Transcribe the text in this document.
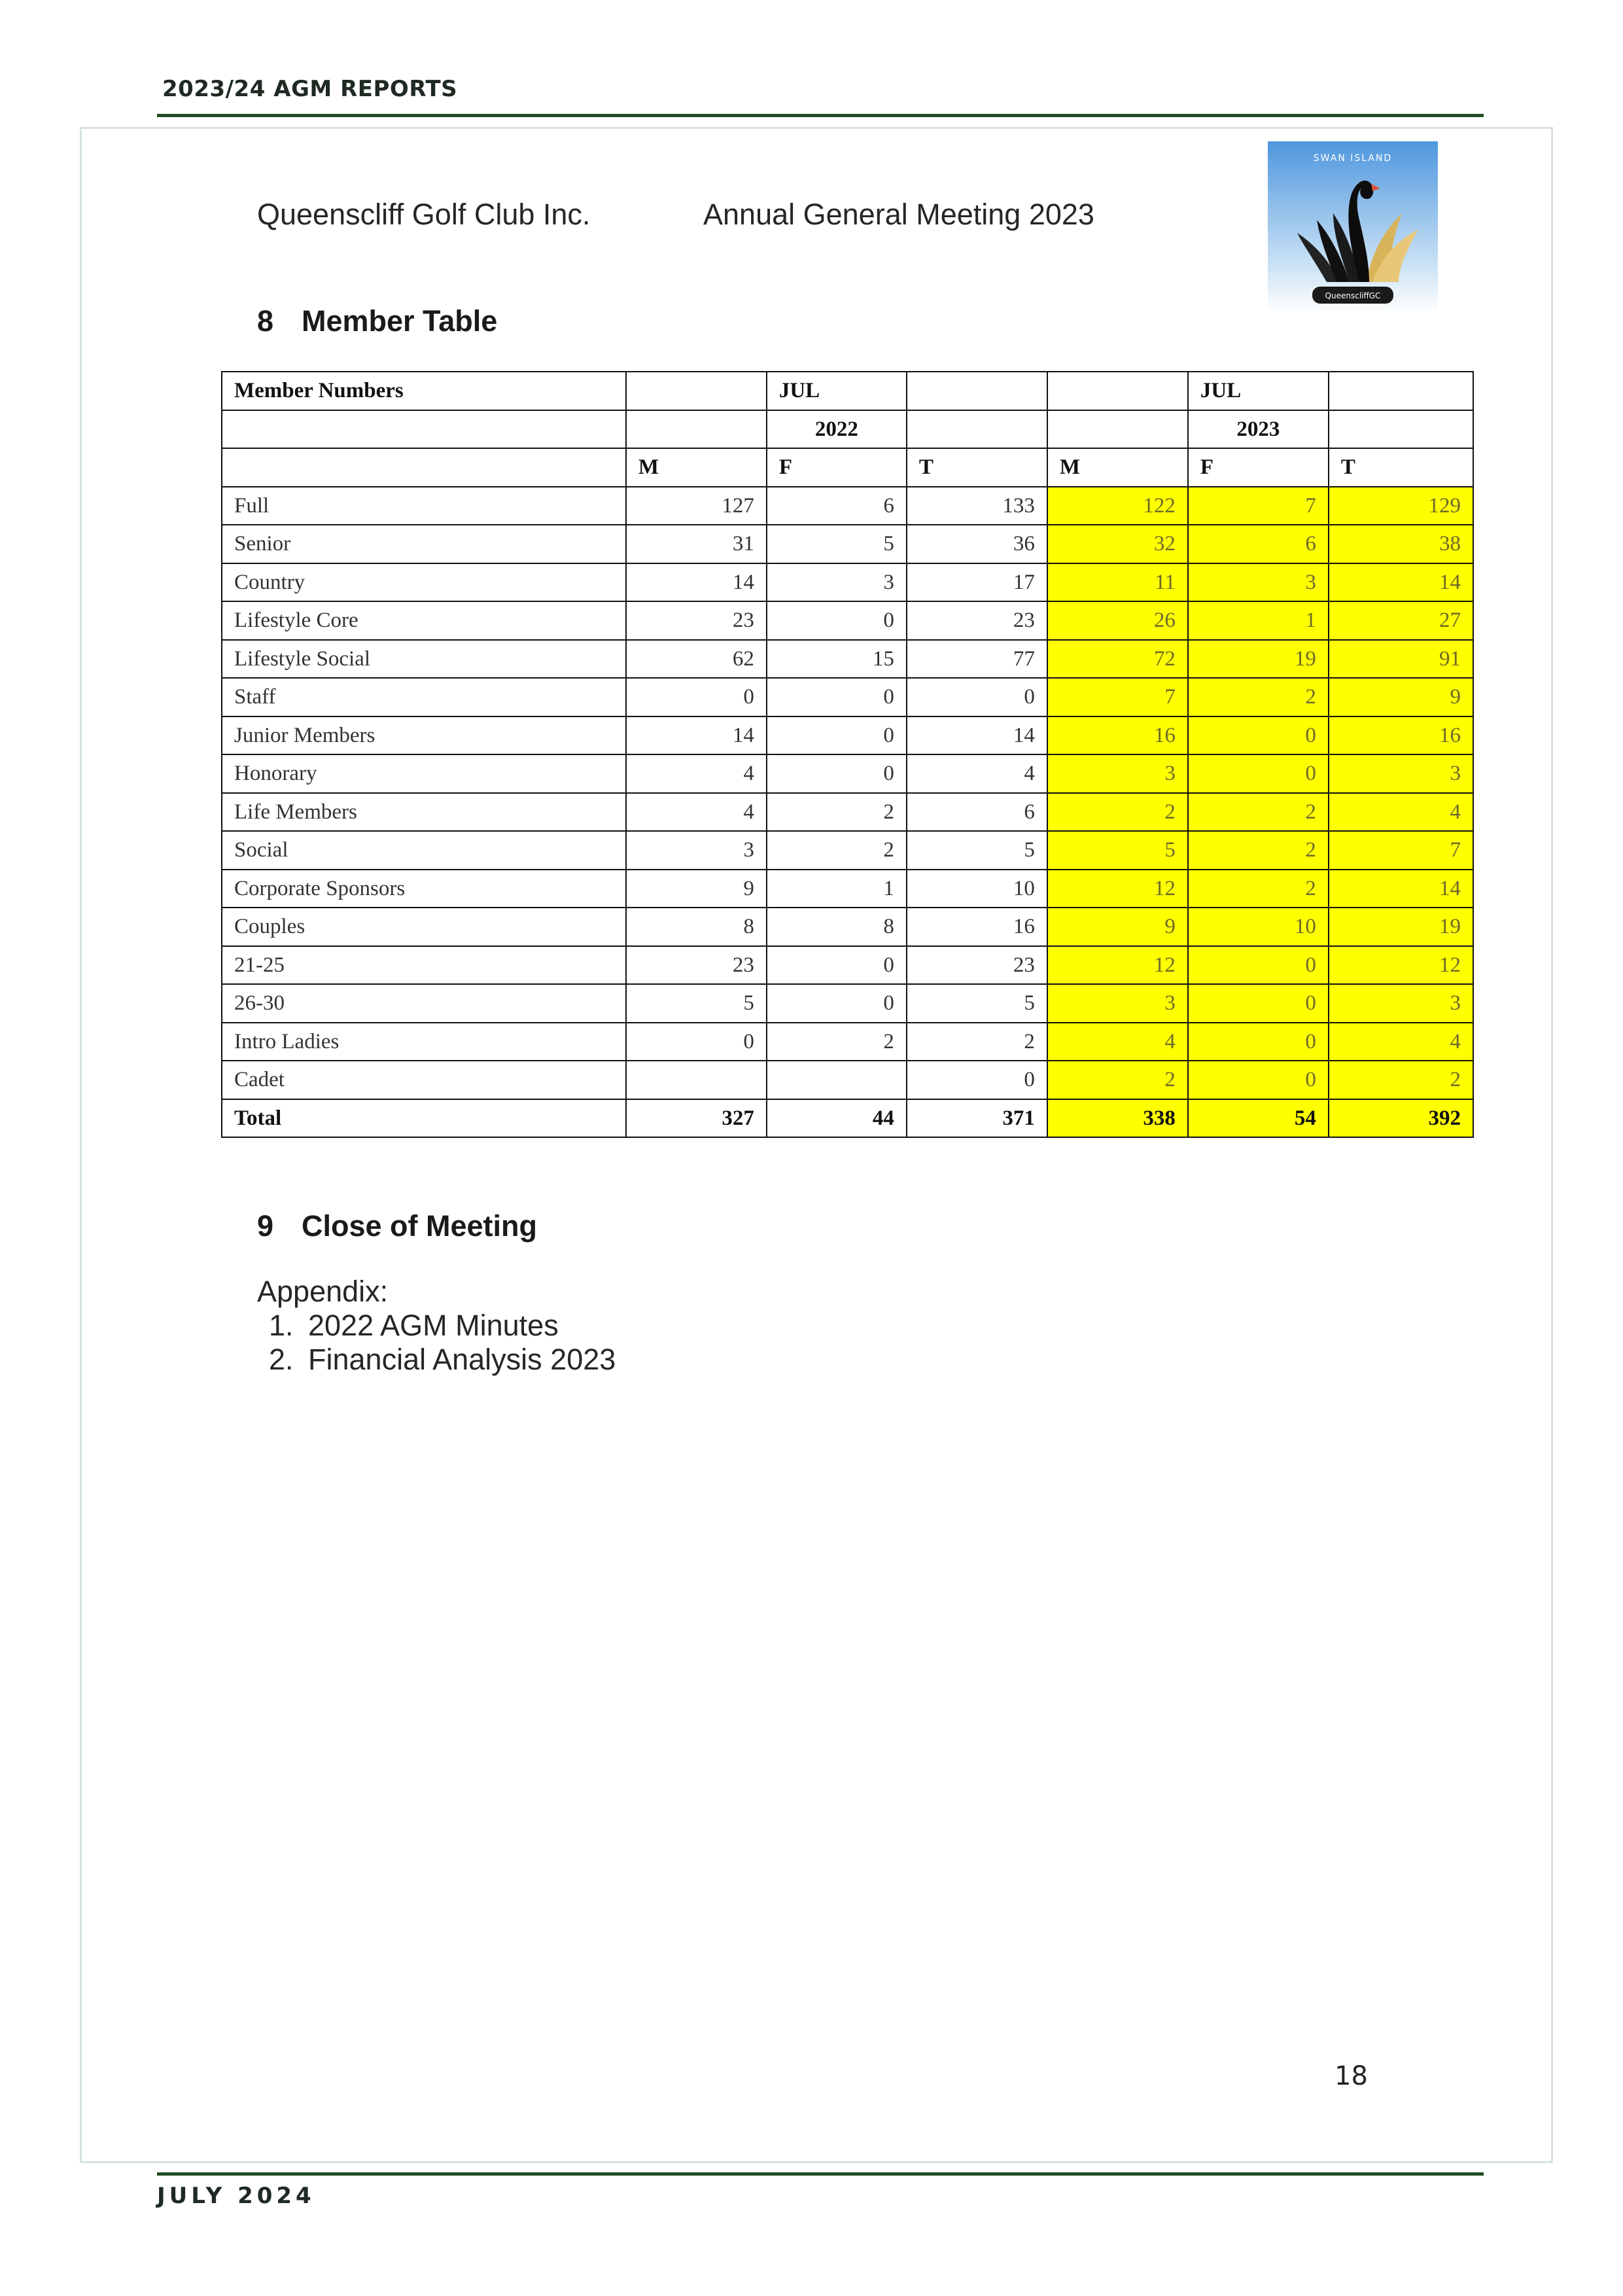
2023/24 AGM REPORTS
Queenscliff Golf Club Inc.	Annual General Meeting 2023
SWAN ISLAND
QueenscliffGC
8 Member Table
Member Numbers		JUL			JUL	
		2022			2023	
	M	F	T	M	F	T
Full	127	6	133	122	7	129
Senior	31	5	36	32	6	38
Country	14	3	17	11	3	14
Lifestyle Core	23	0	23	26	1	27
Lifestyle Social	62	15	77	72	19	91
Staff	0	0	0	7	2	9
Junior Members	14	0	14	16	0	16
Honorary	4	0	4	3	0	3
Life Members	4	2	6	2	2	4
Social	3	2	5	5	2	7
Corporate Sponsors	9	1	10	12	2	14
Couples	8	8	16	9	10	19
21-25	23	0	23	12	0	12
26-30	5	0	5	3	0	3
Intro Ladies	0	2	2	4	0	4
Cadet			0	2	0	2
Total	327	44	371	338	54	392
9 Close of Meeting
Appendix:
1. 2022 AGM Minutes
2. Financial Analysis 2023
18
JULY 2024
